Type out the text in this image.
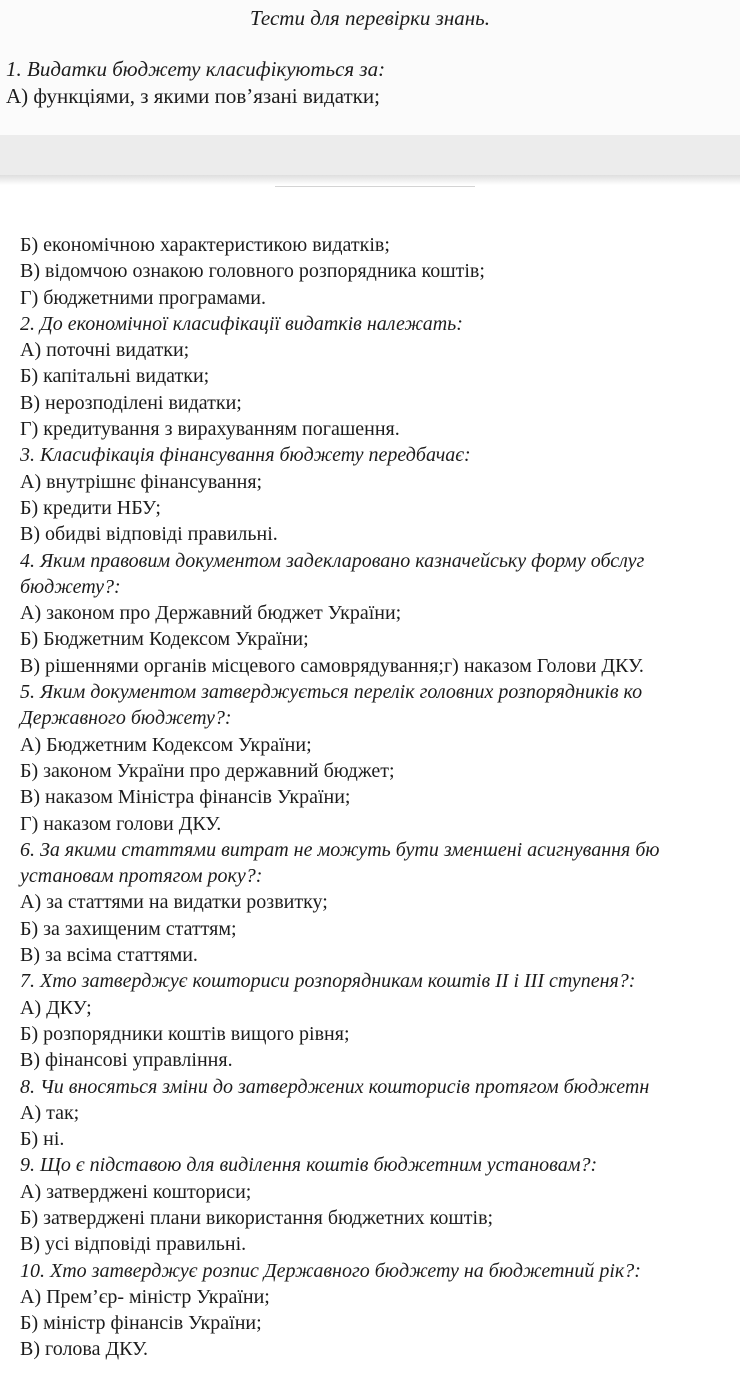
Тести для перевірки знань.
1. Видатки бюджету класифікуються за:
А) функціями, з якими пов’язані видатки;
Б) економічною характеристикою видатків;
В) відомчою ознакою головного розпорядника коштів;
Г) бюджетними програмами.
2. До економічної класифікації видатків належать:
А) поточні видатки;
Б) капітальні видатки;
В) нерозподілені видатки;
Г) кредитування з вирахуванням погашення.
3. Класифікація фінансування бюджету передбачає:
А) внутрішнє фінансування;
Б) кредити НБУ;
В) обидві відповіді правильні.
4. Яким правовим документом задекларовано казначейську форму обслуг
бюджету?:
А) законом про Державний бюджет України;
Б) Бюджетним Кодексом України;
В) рішеннями органів місцевого самоврядування;г) наказом Голови ДКУ.
5. Яким документом затверджується перелік головних розпорядників ко
Державного бюджету?:
А) Бюджетним Кодексом України;
Б) законом України про державний бюджет;
В) наказом Міністра фінансів України;
Г) наказом голови ДКУ.
6. За якими статтями витрат не можуть бути зменшені асигнування бю
установам протягом року?:
А) за статтями на видатки розвитку;
Б) за захищеним статтям;
В) за всіма статтями.
7. Хто затверджує кошториси розпорядникам коштів II і III ступеня?:
А) ДКУ;
Б) розпорядники коштів вищого рівня;
В) фінансові управління.
8. Чи вносяться зміни до затверджених кошторисів протягом бюджетн
А) так;
Б) ні.
9. Що є підставою для виділення коштів бюджетним установам?:
А) затверджені кошториси;
Б) затверджені плани використання бюджетних коштів;
В) усі відповіді правильні.
10. Хто затверджує розпис Державного бюджету на бюджетний рік?:
А) Прем’єр- міністр України;
Б) міністр фінансів України;
В) голова ДКУ.
